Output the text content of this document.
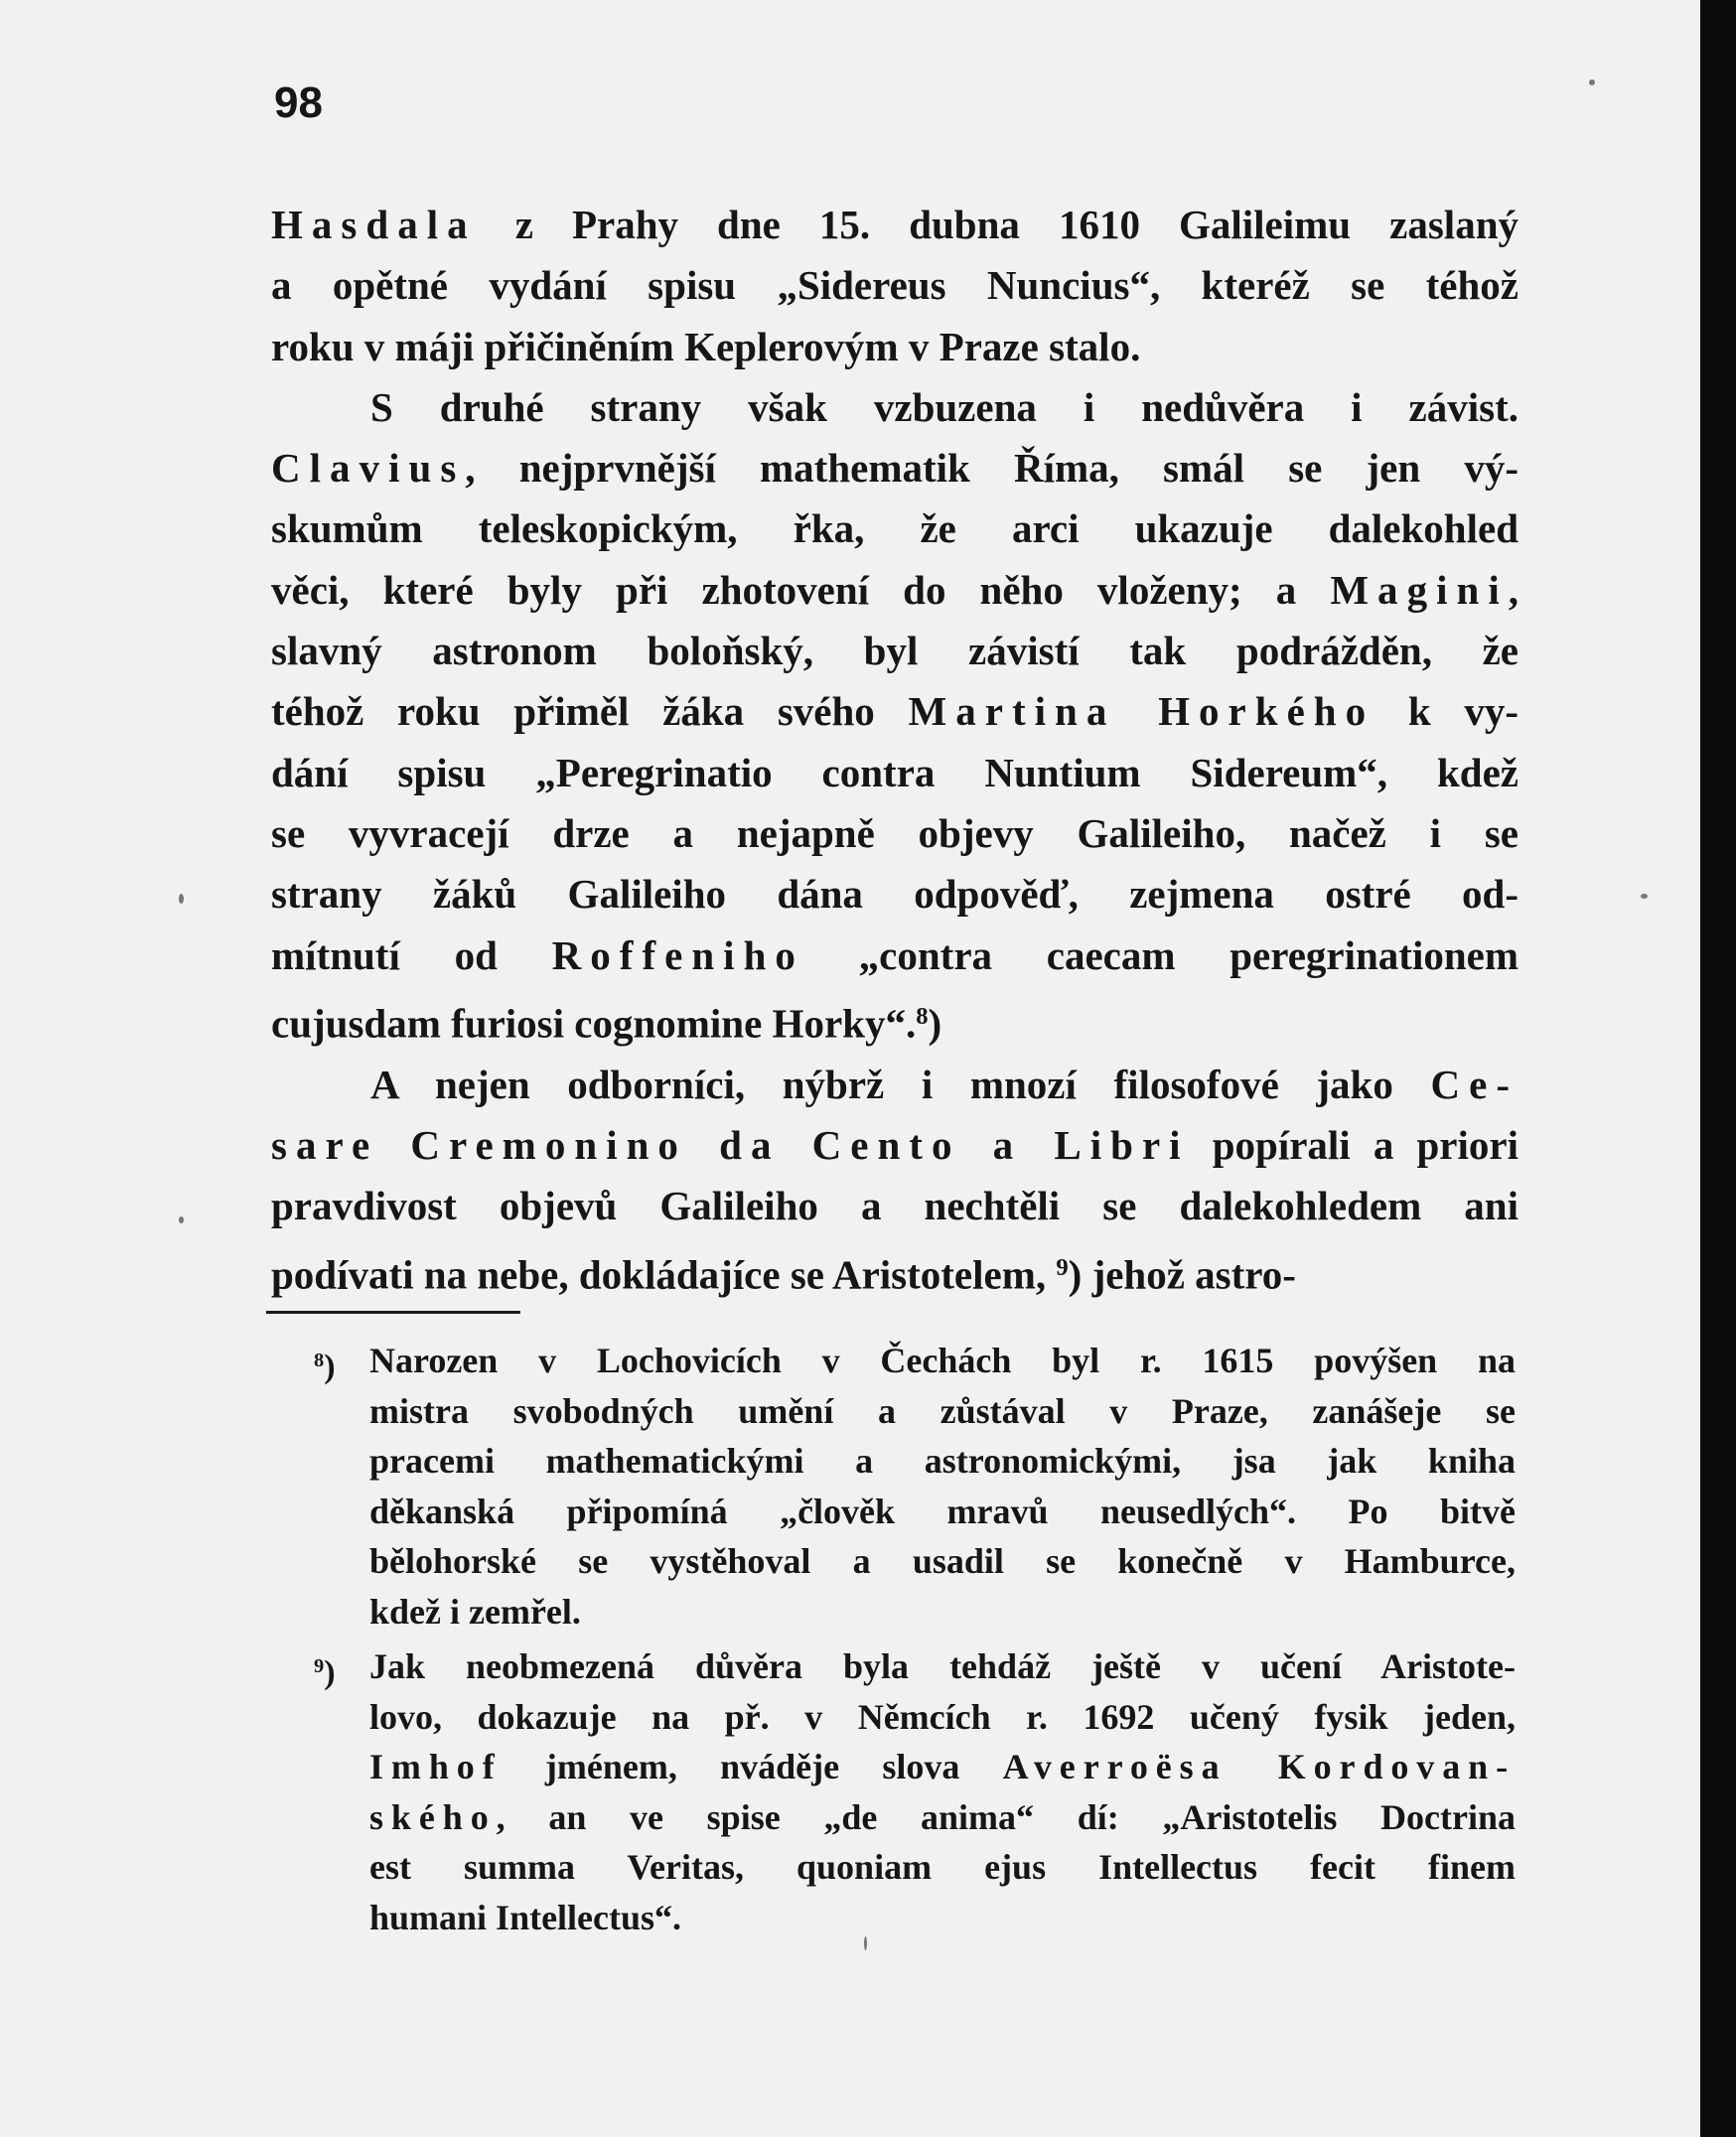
98
Hasdala z Prahy dne 15. dubna 1610 Galileimu zaslaný
a opětné vydání spisu „Sidereus Nuncius“, kteréž se téhož
roku v máji přičiněním Keplerovým v Praze stalo.
S druhé strany však vzbuzena i nedůvěra i závist.
Clavius, nejprvnější mathematik Říma, smál se jen vý-
skumům teleskopickým, řka, že arci ukazuje dalekohled
věci, které byly při zhotovení do něho vloženy; a Magini,
slavný astronom boloňský, byl závistí tak podrážděn, že
téhož roku přiměl žáka svého Martina Horkého k vy-
dání spisu „Peregrinatio contra Nuntium Sidereum“, kdež
se vyvracejí drze a nejapně objevy Galileiho, načež i se
strany žáků Galileiho dána odpověď, zejmena ostré od-
mítnutí od Roffeniho „contra caecam peregrinationem
cujusdam furiosi cognomine Horky“.$^8$)
A nejen odborníci, nýbrž i mnozí filosofové jako Ce-
sare Cremonino da Cento a Libri popírali a priori
pravdivost objevů Galileiho a nechtěli se dalekohledem ani
podívati na nebe, dokládajíce se Aristotelem, $^9$) jehož astro-
$^8$) Narozen v Lochovicích v Čechách byl r. 1615 povýšen na
mistra svobodných umění a zůstával v Praze, zanášeje se
pracemi mathematickými a astronomickými, jsa jak kniha
děkanská připomíná „člověk mravů neusedlých“. Po bitvě
bělohorské se vystěhoval a usadil se konečně v Hamburce,
kdež i zemřel.
$^9$) Jak neobmezená důvěra byla tehdáž ještě v učení Aristote-
lovo, dokazuje na př. v Němcích r. 1692 učený fysik jeden,
Imhof jménem, nváděje slova Averroësa Kordovan-
ského, an ve spise „de anima“ dí: „Aristotelis Doctrina
est summa Veritas, quoniam ejus Intellectus fecit finem
humani Intellectus“.
